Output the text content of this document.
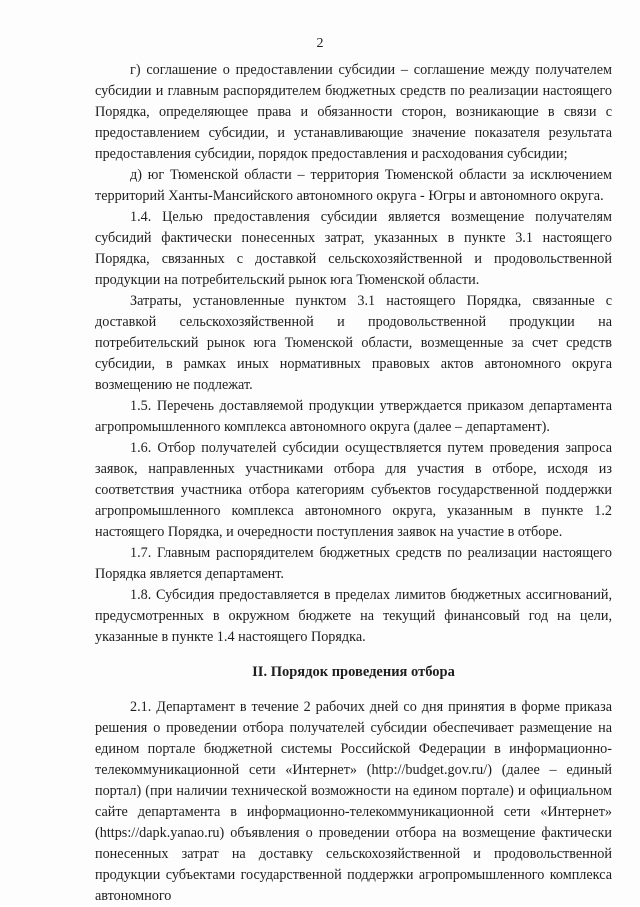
2

г) соглашение о предоставлении субсидии – соглашение между получателем субсидии и главным распорядителем бюджетных средств по реализации настоящего Порядка, определяющее права и обязанности сторон, возникающие в связи с предоставлением субсидии, и устанавливающие значение показателя результата предоставления субсидии, порядок предоставления и расходования субсидии;

д) юг Тюменской области – территория Тюменской области за исключением территорий Ханты-Мансийского автономного округа - Югры и автономного округа.

1.4. Целью предоставления субсидии является возмещение получателям субсидий фактически понесенных затрат, указанных в пункте 3.1 настоящего Порядка, связанных с доставкой сельскохозяйственной и продовольственной продукции на потребительский рынок юга Тюменской области.

Затраты, установленные пунктом 3.1 настоящего Порядка, связанные с доставкой сельскохозяйственной и продовольственной продукции на потребительский рынок юга Тюменской области, возмещенные за счет средств субсидии, в рамках иных нормативных правовых актов автономного округа возмещению не подлежат.

1.5. Перечень доставляемой продукции утверждается приказом департамента агропромышленного комплекса автономного округа (далее – департамент).

1.6. Отбор получателей субсидии осуществляется путем проведения запроса заявок, направленных участниками отбора для участия в отборе, исходя из соответствия участника отбора категориям субъектов государственной поддержки агропромышленного комплекса автономного округа, указанным в пункте 1.2 настоящего Порядка, и очередности поступления заявок на участие в отборе.

1.7. Главным распорядителем бюджетных средств по реализации настоящего Порядка является департамент.

1.8. Субсидия предоставляется в пределах лимитов бюджетных ассигнований, предусмотренных в окружном бюджете на текущий финансовый год на цели, указанные в пункте 1.4 настоящего Порядка.

II. Порядок проведения отбора

2.1. Департамент в течение 2 рабочих дней со дня принятия в форме приказа решения о проведении отбора получателей субсидии обеспечивает размещение на едином портале бюджетной системы Российской Федерации в информационно-телекоммуникационной сети «Интернет» (http://budget.gov.ru/) (далее – единый портал) (при наличии технической возможности на едином портале) и официальном сайте департамента в информационно-телекоммуникационной сети «Интернет» (https://dapk.yanao.ru) объявления о проведении отбора на возмещение фактически понесенных затрат на доставку сельскохозяйственной и продовольственной продукции субъектами государственной поддержки агропромышленного комплекса автономного
